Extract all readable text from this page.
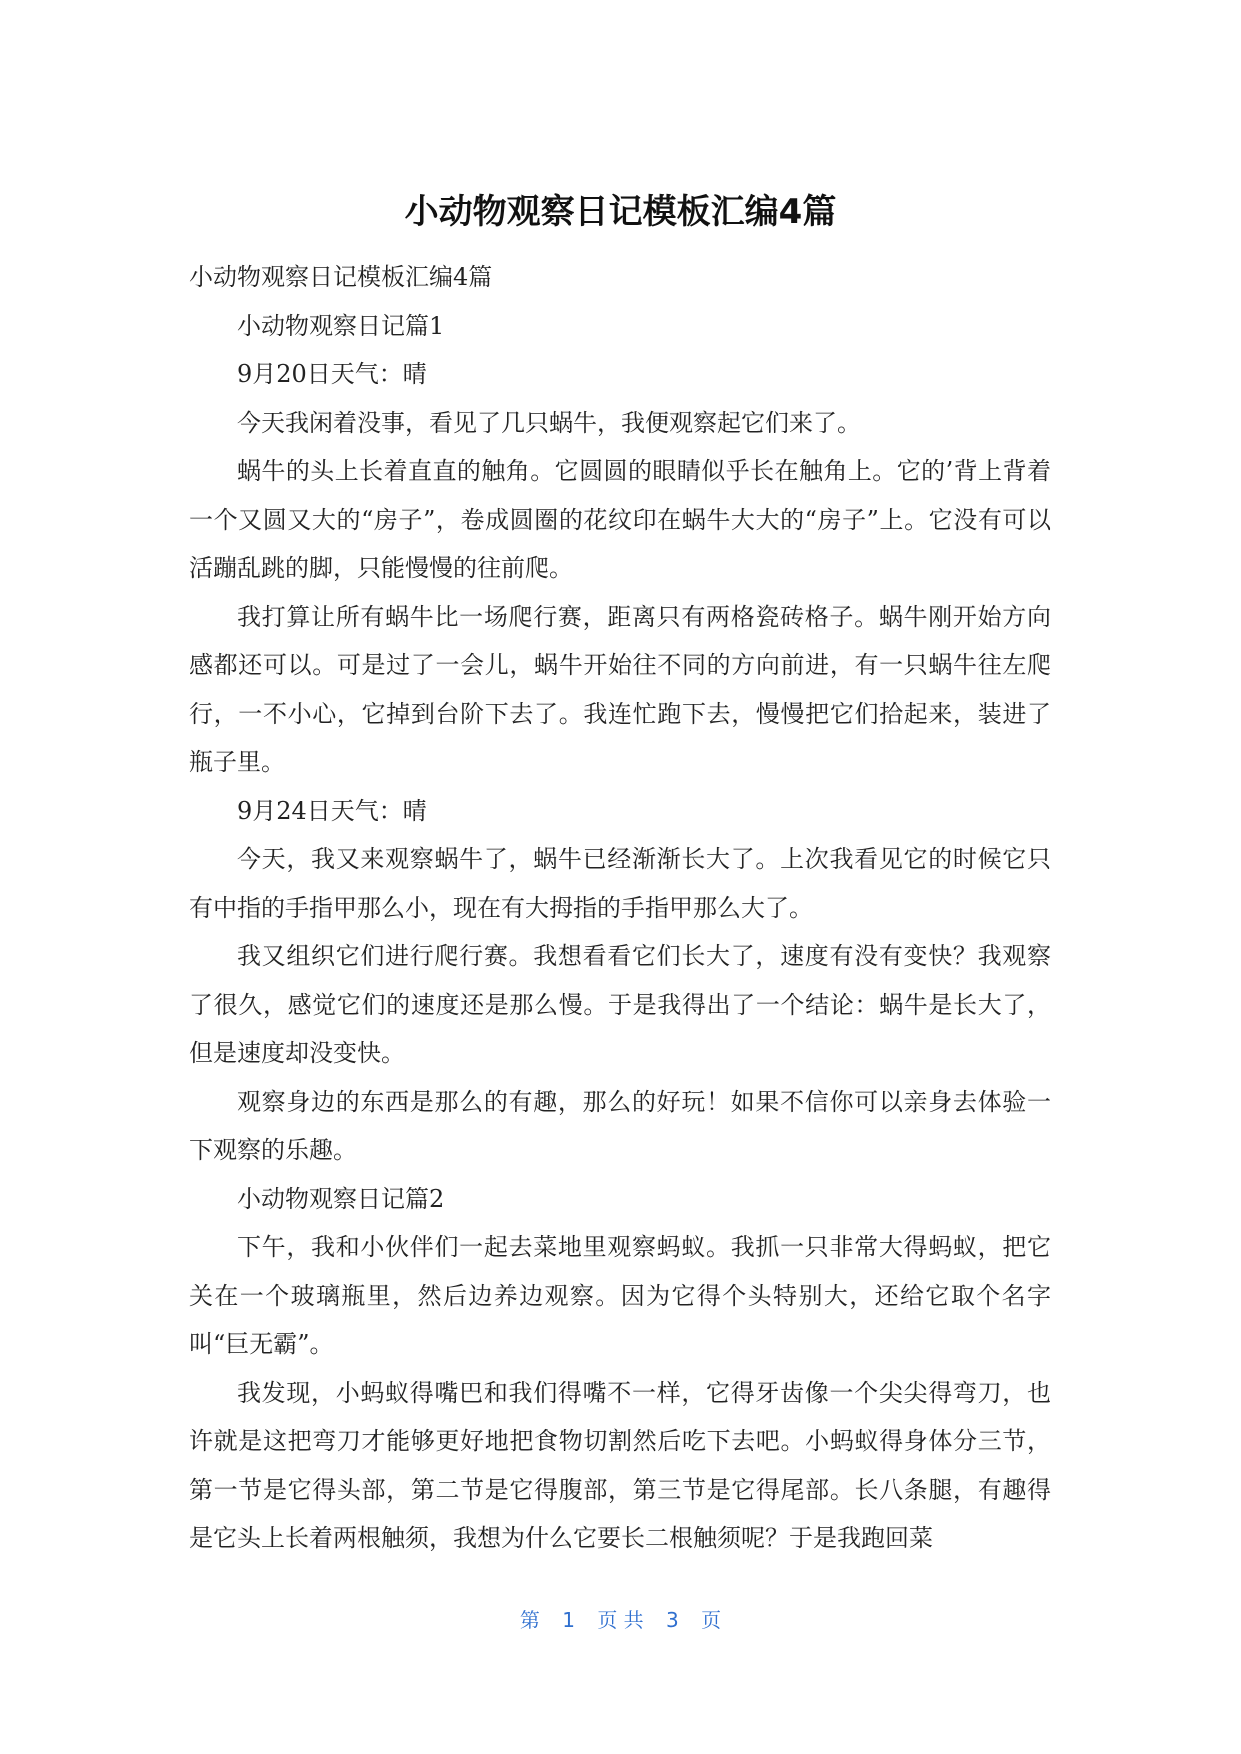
小动物观察日记模板汇编4篇

小动物观察日记模板汇编4篇

小动物观察日记篇1

9月20日天气：晴

今天我闲着没事，看见了几只蜗牛，我便观察起它们来了。

蜗牛的头上长着直直的触角。它圆圆的眼睛似乎长在触角上。它的’背上背着一个又圆又大的“房子”，卷成圆圈的花纹印在蜗牛大大的“房子”上。它没有可以活蹦乱跳的脚，只能慢慢的往前爬。

我打算让所有蜗牛比一场爬行赛，距离只有两格瓷砖格子。蜗牛刚开始方向感都还可以。可是过了一会儿，蜗牛开始往不同的方向前进，有一只蜗牛往左爬行，一不小心，它掉到台阶下去了。我连忙跑下去，慢慢把它们拾起来，装进了瓶子里。

9月24日天气：晴

今天，我又来观察蜗牛了，蜗牛已经渐渐长大了。上次我看见它的时候它只有中指的手指甲那么小，现在有大拇指的手指甲那么大了。

我又组织它们进行爬行赛。我想看看它们长大了，速度有没有变快？我观察了很久，感觉它们的速度还是那么慢。于是我得出了一个结论：蜗牛是长大了，但是速度却没变快。

观察身边的东西是那么的有趣，那么的好玩！如果不信你可以亲身去体验一下观察的乐趣。

小动物观察日记篇2

下午，我和小伙伴们一起去菜地里观察蚂蚁。我抓一只非常大得蚂蚁，把它关在一个玻璃瓶里，然后边养边观察。因为它得个头特别大，还给它取个名字叫“巨无霸”。

我发现，小蚂蚁得嘴巴和我们得嘴不一样，它得牙齿像一个尖尖得弯刀，也许就是这把弯刀才能够更好地把食物切割然后吃下去吧。小蚂蚁得身体分三节，第一节是它得头部，第二节是它得腹部，第三节是它得尾部。长八条腿，有趣得是它头上长着两根触须，我想为什么它要长二根触须呢？于是我跑回菜

第 1 页 共 3 页
